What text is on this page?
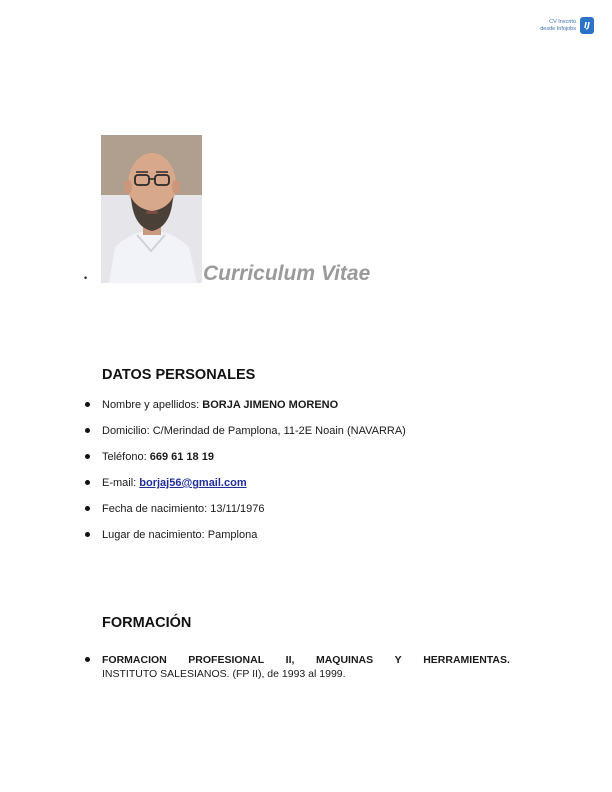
CV Inscrito
desde Infojobs	IJ
•	Curriculum Vitae
DATOS PERSONALES
Nombre y apellidos: BORJA JIMENO MORENO
Domicilio: C/Merindad de Pamplona, 11-2E Noain (NAVARRA)
Teléfono: 669 61 18 19
E-mail: borjaj56@gmail.com
Fecha de nacimiento: 13/11/1976
Lugar de nacimiento: Pamplona
FORMACIÓN
FORMACION PROFESIONAL II, MAQUINAS Y HERRAMIENTAS.
INSTITUTO SALESIANOS. (FP II), de 1993 al 1999.
